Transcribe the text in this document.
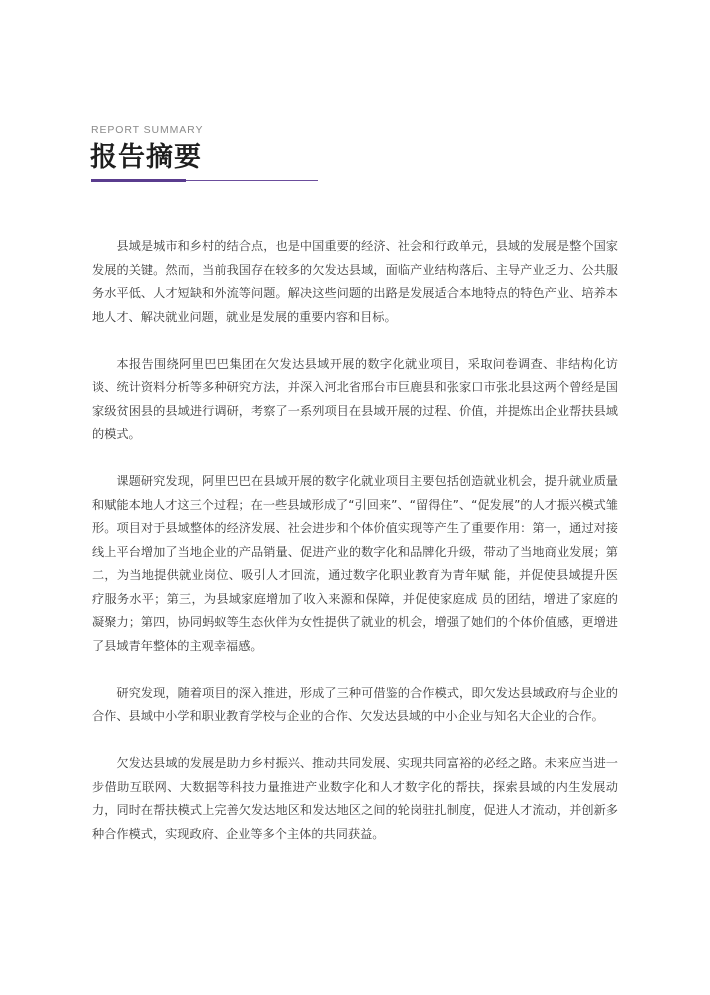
REPORT SUMMARY
报告摘要

县域是城市和乡村的结合点，也是中国重要的经济、社会和行政单元，县域的发展是整个国家发展的关键。然而，当前我国存在较多的欠发达县域，面临产业结构落后、主导产业乏力、公共服务水平低、人才短缺和外流等问题。解决这些问题的出路是发展适合本地特点的特色产业、培养本地人才、解决就业问题，就业是发展的重要内容和目标。

本报告围绕阿里巴巴集团在欠发达县域开展的数字化就业项目，采取问卷调查、非结构化访谈、统计资料分析等多种研究方法，并深入河北省邢台市巨鹿县和张家口市张北县这两个曾经是国家级贫困县的县域进行调研，考察了一系列项目在县域开展的过程、价值，并提炼出企业帮扶县域的模式。

课题研究发现，阿里巴巴在县域开展的数字化就业项目主要包括创造就业机会，提升就业质量和赋能本地人才这三个过程；在一些县域形成了“引回来”、“留得住”、“促发展”的人才振兴模式雏形。项目对于县域整体的经济发展、社会进步和个体价值实现等产生了重要作用：第一，通过对接线上平台增加了当地企业的产品销量、促进产业的数字化和品牌化升级，带动了当地商业发展；第二，为当地提供就业岗位、吸引人才回流，通过数字化职业教育为青年赋 能，并促使县域提升医疗服务水平；第三，为县域家庭增加了收入来源和保障，并促使家庭成 员的团结，增进了家庭的凝聚力；第四，协同蚂蚁等生态伙伴为女性提供了就业的机会，增强了她们的个体价值感，更增进了县域青年整体的主观幸福感。

研究发现，随着项目的深入推进，形成了三种可借鉴的合作模式，即欠发达县域政府与企业的合作、县域中小学和职业教育学校与企业的合作、欠发达县域的中小企业与知名大企业的合作。

欠发达县域的发展是助力乡村振兴、推动共同发展、实现共同富裕的必经之路。未来应当进一步借助互联网、大数据等科技力量推进产业数字化和人才数字化的帮扶，探索县域的内生发展动力，同时在帮扶模式上完善欠发达地区和发达地区之间的轮岗驻扎制度，促进人才流动，并创新多种合作模式，实现政府、企业等多个主体的共同获益。
